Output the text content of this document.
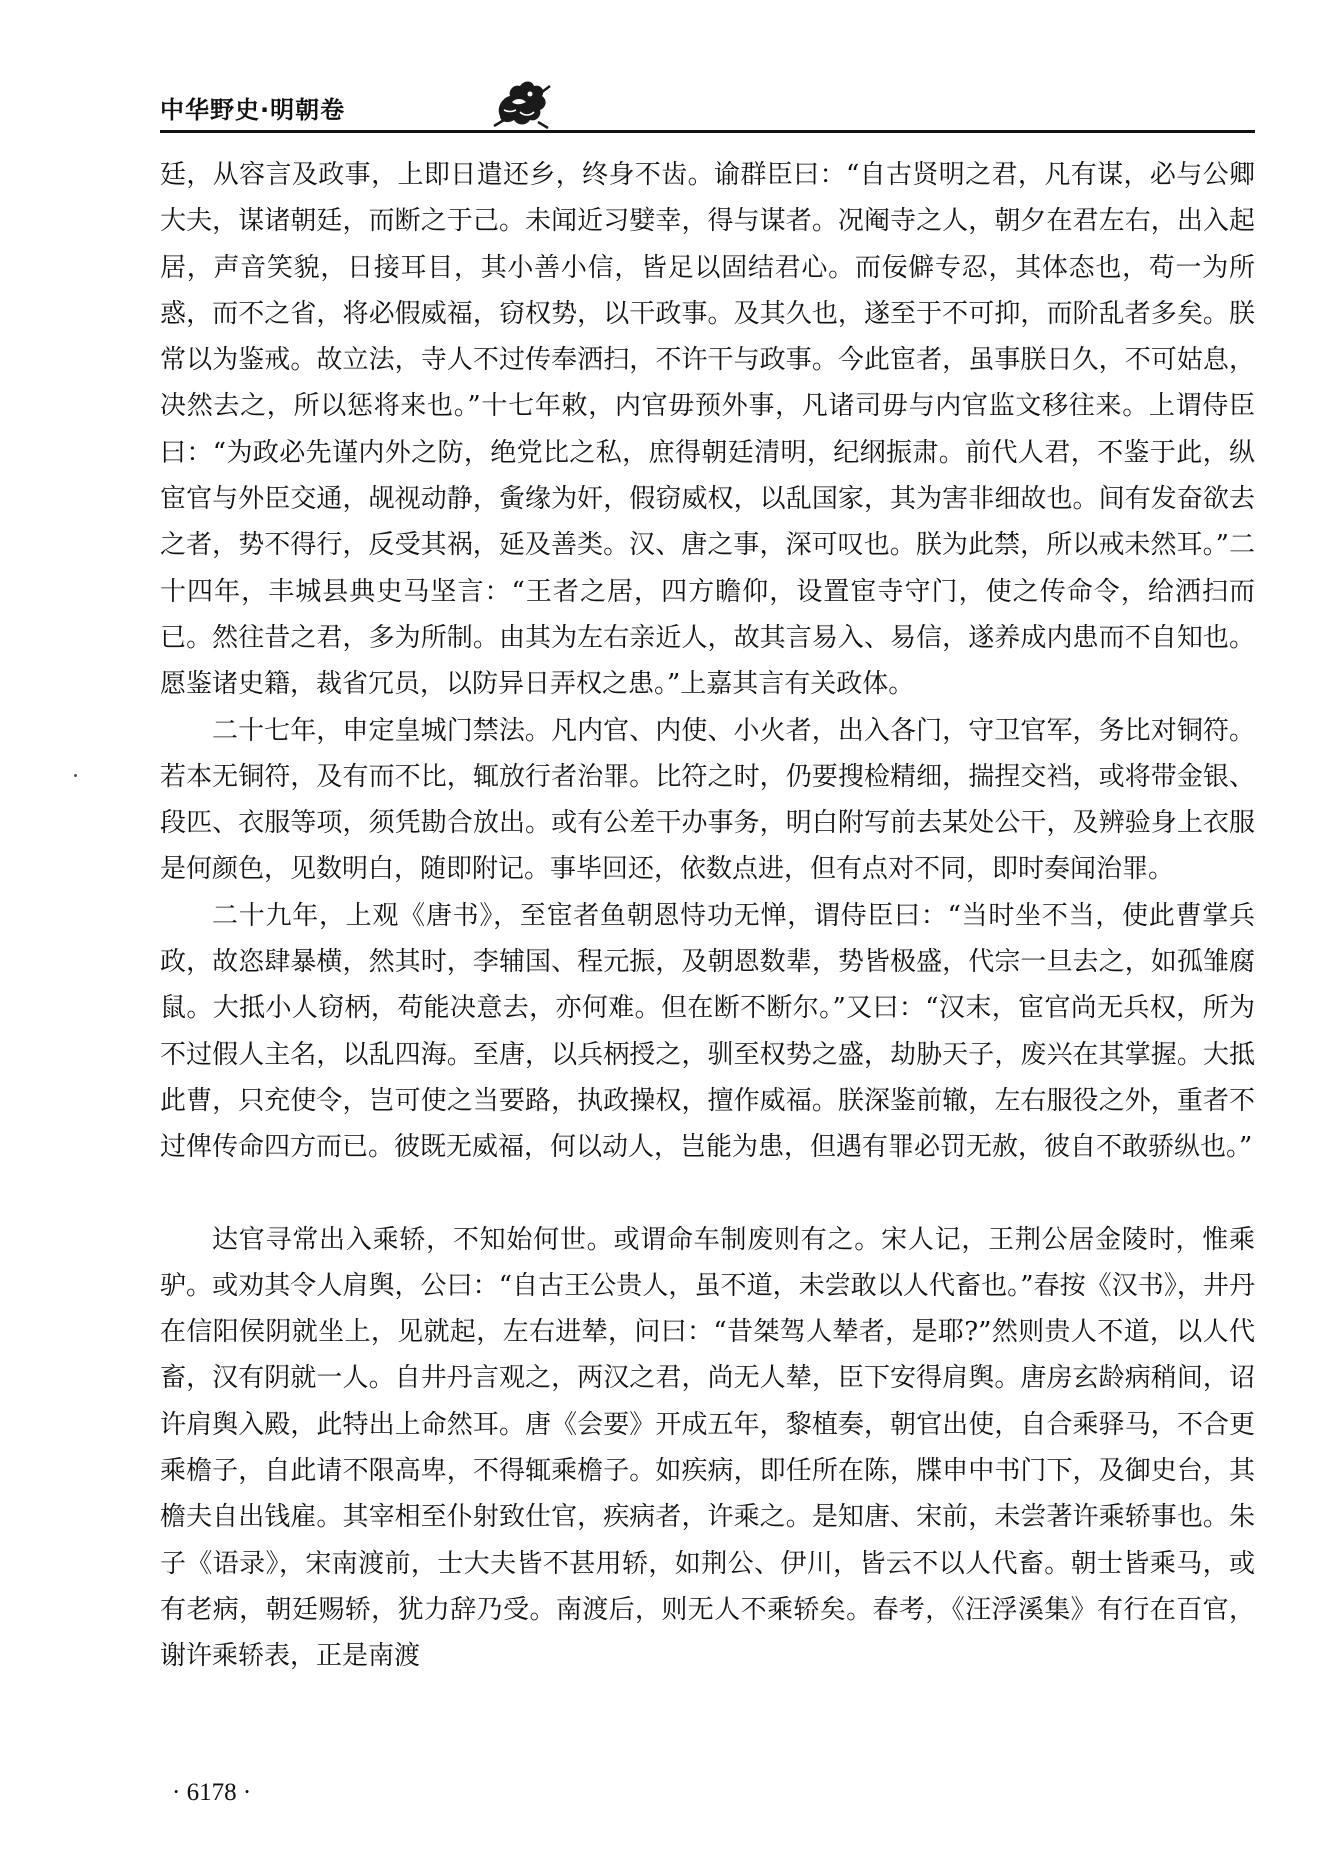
中华野史·明朝卷

廷，从容言及政事，上即日遣还乡，终身不齿。谕群臣曰：“自古贤明之君，凡有谋，必与公卿大夫，谋诸朝廷，而断之于己。未闻近习嬖幸，得与谋者。况阉寺之人，朝夕在君左右，出入起居，声音笑貌，日接耳目，其小善小信，皆足以固结君心。而佞僻专忍，其体态也，苟一为所惑，而不之省，将必假威福，窃权势，以干政事。及其久也，遂至于不可抑，而阶乱者多矣。朕常以为鉴戒。故立法，寺人不过传奉洒扫，不许干与政事。今此宦者，虽事朕日久，不可姑息，决然去之，所以惩将来也。”十七年敕，内官毋预外事，凡诸司毋与内官监文移往来。上谓侍臣曰：“为政必先谨内外之防，绝党比之私，庶得朝廷清明，纪纲振肃。前代人君，不鉴于此，纵宦官与外臣交通，觇视动静，夤缘为奸，假窃威权，以乱国家，其为害非细故也。间有发奋欲去之者，势不得行，反受其祸，延及善类。汉、唐之事，深可叹也。朕为此禁，所以戒未然耳。”二十四年，丰城县典史马坚言：“王者之居，四方瞻仰，设置宦寺守门，使之传命令，给洒扫而已。然往昔之君，多为所制。由其为左右亲近人，故其言易入、易信，遂养成内患而不自知也。愿鉴诸史籍，裁省冗员，以防异日弄权之患。”上嘉其言有关政体。

二十七年，申定皇城门禁法。凡内官、内使、小火者，出入各门，守卫官军，务比对铜符。若本无铜符，及有而不比，辄放行者治罪。比符之时，仍要搜检精细，揣捏交裆，或将带金银、段匹、衣服等项，须凭勘合放出。或有公差干办事务，明白附写前去某处公干，及辨验身上衣服是何颜色，见数明白，随即附记。事毕回还，依数点进，但有点对不同，即时奏闻治罪。

二十九年，上观《唐书》，至宦者鱼朝恩恃功无惮，谓侍臣曰：“当时坐不当，使此曹掌兵政，故恣肆暴横，然其时，李辅国、程元振，及朝恩数辈，势皆极盛，代宗一旦去之，如孤雏腐鼠。大抵小人窃柄，苟能决意去，亦何难。但在断不断尔。”又曰：“汉末，宦官尚无兵权，所为不过假人主名，以乱四海。至唐，以兵柄授之，驯至权势之盛，劫胁天子，废兴在其掌握。大抵此曹，只充使令，岂可使之当要路，执政操权，擅作威福。朕深鉴前辙，左右服役之外，重者不过俾传命四方而已。彼既无威福，何以动人，岂能为患，但遇有罪必罚无赦，彼自不敢骄纵也。”

达官寻常出入乘轿，不知始何世。或谓命车制废则有之。宋人记，王荆公居金陵时，惟乘驴。或劝其令人肩舆，公曰：“自古王公贵人，虽不道，未尝敢以人代畜也。”春按《汉书》，井丹在信阳侯阴就坐上，见就起，左右进辇，问曰：“昔桀驾人辇者，是耶?”然则贵人不道，以人代畜，汉有阴就一人。自井丹言观之，两汉之君，尚无人辇，臣下安得肩舆。唐房玄龄病稍间，诏许肩舆入殿，此特出上命然耳。唐《会要》开成五年，黎植奏，朝官出使，自合乘驿马，不合更乘檐子，自此请不限高卑，不得辄乘檐子。如疾病，即任所在陈，牒申中书门下，及御史台，其檐夫自出钱雇。其宰相至仆射致仕官，疾病者，许乘之。是知唐、宋前，未尝著许乘轿事也。朱子《语录》，宋南渡前，士大夫皆不甚用轿，如荆公、伊川，皆云不以人代畜。朝士皆乘马，或有老病，朝廷赐轿，犹力辞乃受。南渡后，则无人不乘轿矣。春考，《汪浮溪集》有行在百官，谢许乘轿表，正是南渡

· 6178 ·
